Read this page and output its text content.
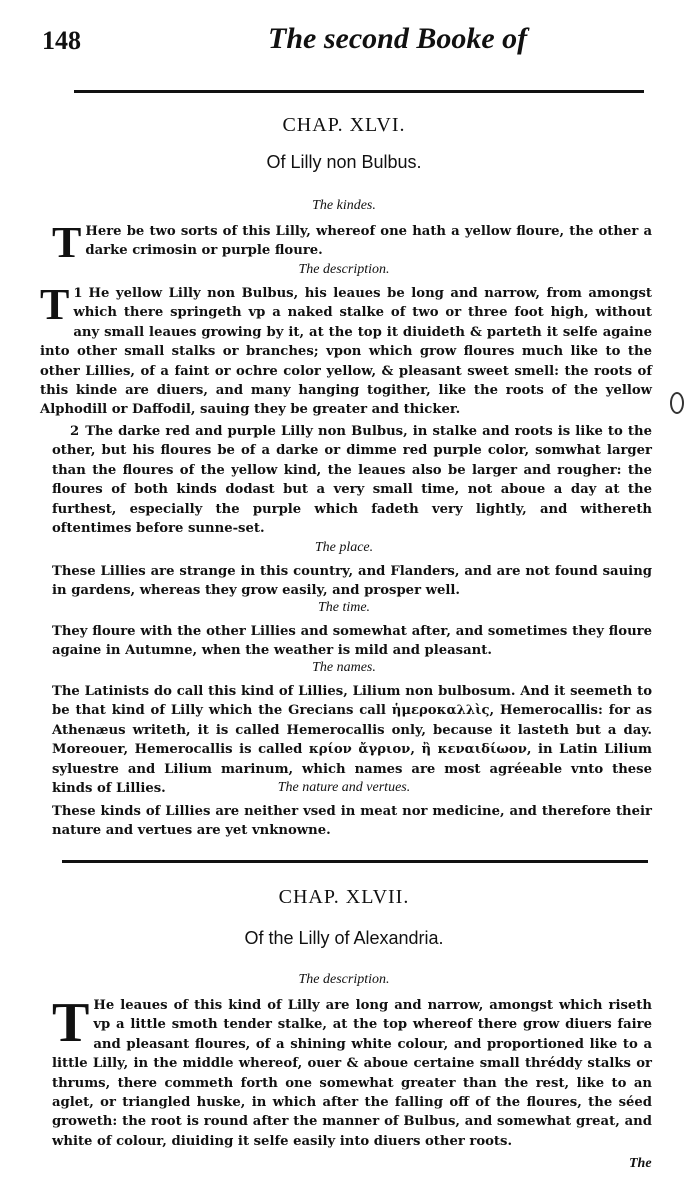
148	The second Booke of
CHAP. XLVI.
Of Lilly non Bulbus.
The kindes.
T Here be two sorts of this Lilly, whereof one hath a yellow floure, the other a darke crimosin or purple floure.
The description.
1
T He yellow Lilly non Bulbus, his leaues be long and narrow, from amongst which there springeth vp a naked stalke of two or three foot high, without any small leaues growing by it, at the top it diuideth & parteth it selfe againe into other small stalks or branches; vpon which grow floures much like to the other Lillies, of a faint or ochre color yellow, & pleasant sweet smell: the roots of this kinde are diuers, and many hanging togither, like the roots of the yellow Alphodill or Daffodil, sauing they be greater and thicker.
2 The darke red and purple Lilly non Bulbus, in stalke and roots is like to the other, but his floures be of a darke or dimme red purple color, somwhat larger than the floures of the yellow kind, the leaues also be larger and rougher: the floures of both kinds dodast but a very small time, not aboue a day at the furthest, especially the purple which fadeth very lightly, and withereth oftentimes before sunne-set.
The place.
These Lillies are strange in this country, and Flanders, and are not found sauing in gardens, whereas they grow easily, and prosper well.
The time.
They floure with the other Lillies and somewhat after, and sometimes they floure againe in Autumne, when the weather is mild and pleasant.
The names.
The Latinists do call this kind of Lillies, Lilium non bulbosum. And it seemeth to be that kind of Lilly which the Grecians call ἡμεροκαλλὶς, Hemerocallis: for as Athenæus writeth, it is called Hemerocallis only, because it lasteth but a day. Moreouer, Hemerocallis is called κρίον ἄγριον, ἢ κεναιδίωον, in Latin Lilium syluestre and Lilium marinum, which names are most agréeable vnto these kinds of Lillies.	The nature and vertues.
These kinds of Lillies are neither vsed in meat nor medicine, and therefore their nature and vertues are yet vnknowne.
CHAP. XLVII.
Of the Lilly of Alexandria.
The description.
T He leaues of this kind of Lilly are long and narrow, amongst which riseth vp a little smoth tender stalke, at the top whereof there grow diuers faire and pleasant floures, of a shining white colour, and proportioned like to a little Lilly, in the middle whereof, ouer & aboue certaine small thréddy stalks or thrums, there commeth forth one somewhat greater than the rest, like to an aglet, or triangled huske, in which after the falling off of the floures, the séed groweth: the root is round after the manner of Bulbus, and somewhat great, and white of colour, diuiding it selfe easily into diuers other roots.
The
